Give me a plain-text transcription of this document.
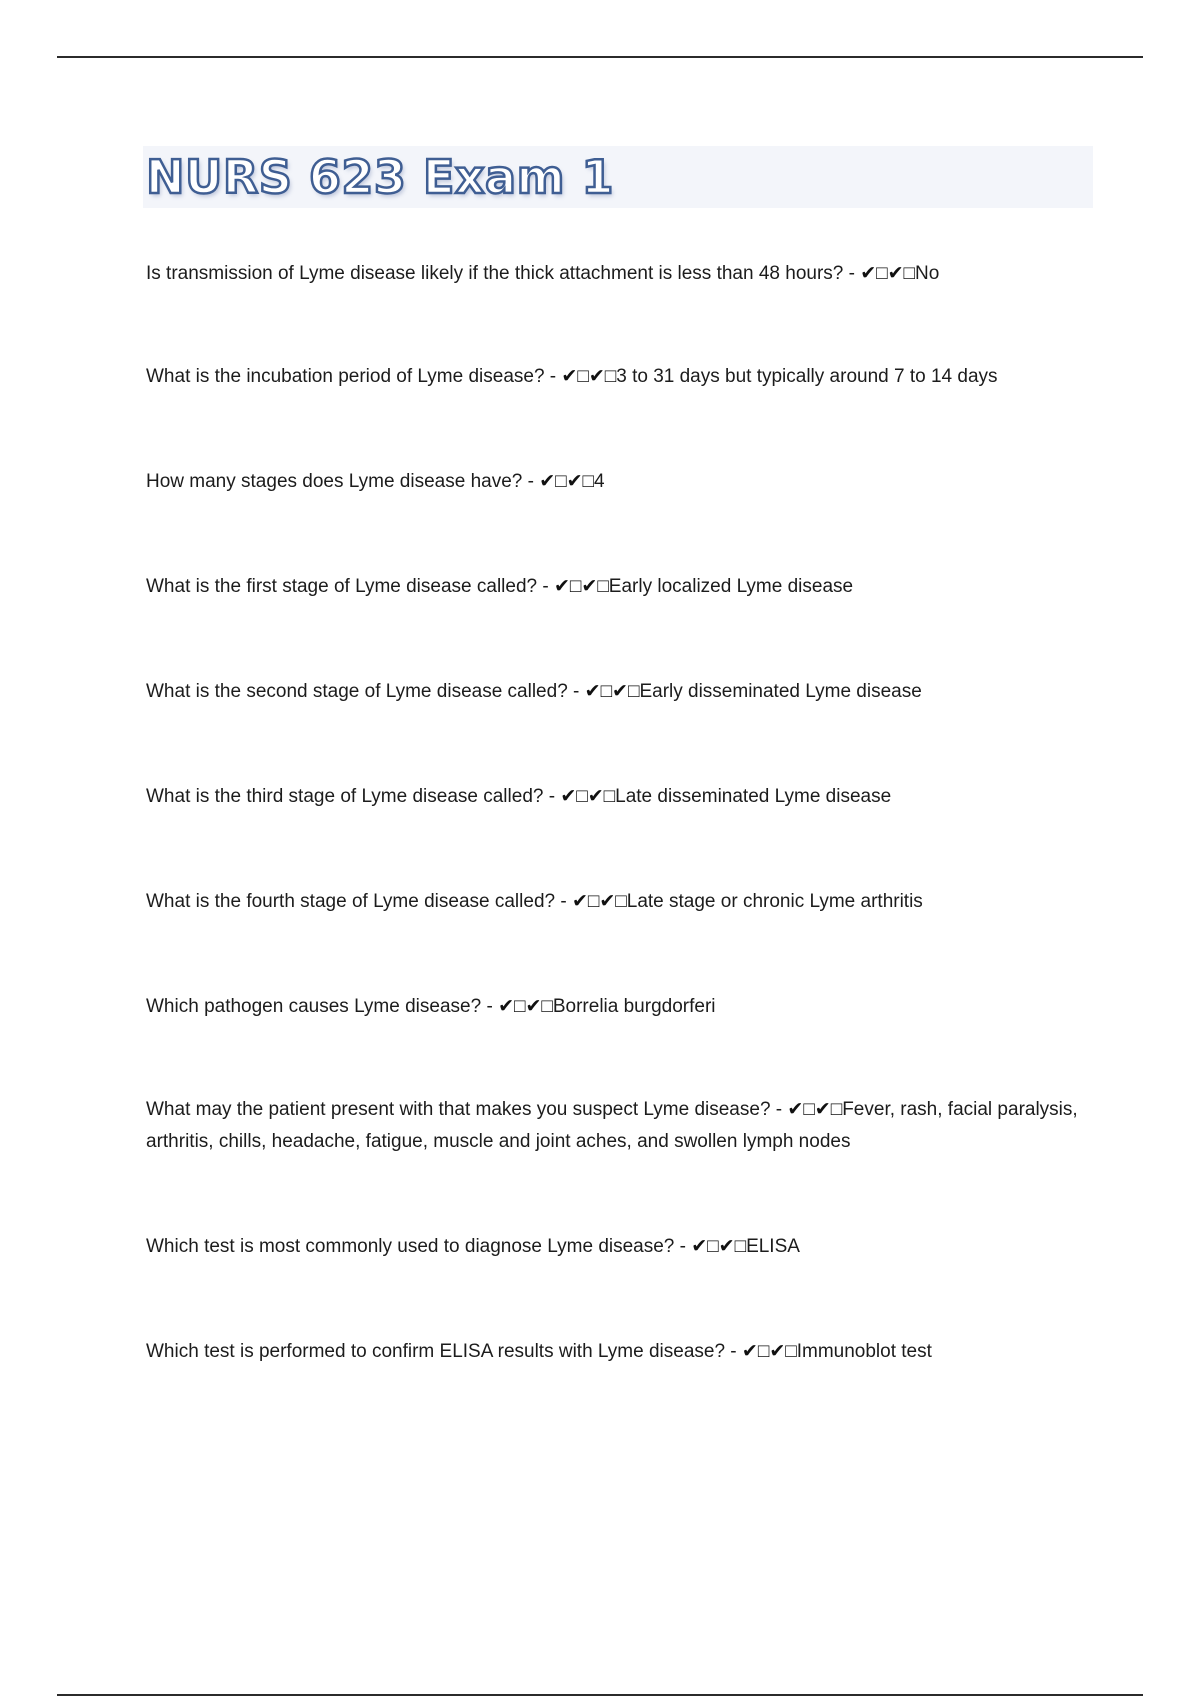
NURS 623 Exam 1
Is transmission of Lyme disease likely if the thick attachment is less than 48 hours? - ✔□✔□No
What is the incubation period of Lyme disease? - ✔□✔□3 to 31 days but typically around 7 to 14 days
How many stages does Lyme disease have? - ✔□✔□4
What is the first stage of Lyme disease called? - ✔□✔□Early localized Lyme disease
What is the second stage of Lyme disease called? - ✔□✔□Early disseminated Lyme disease
What is the third stage of Lyme disease called? - ✔□✔□Late disseminated Lyme disease
What is the fourth stage of Lyme disease called? - ✔□✔□Late stage or chronic Lyme arthritis
Which pathogen causes Lyme disease? - ✔□✔□Borrelia burgdorferi
What may the patient present with that makes you suspect Lyme disease? - ✔□✔□Fever, rash, facial paralysis, arthritis, chills, headache, fatigue, muscle and joint aches, and swollen lymph nodes
Which test is most commonly used to diagnose Lyme disease? - ✔□✔□ELISA
Which test is performed to confirm ELISA results with Lyme disease? - ✔□✔□Immunoblot test
